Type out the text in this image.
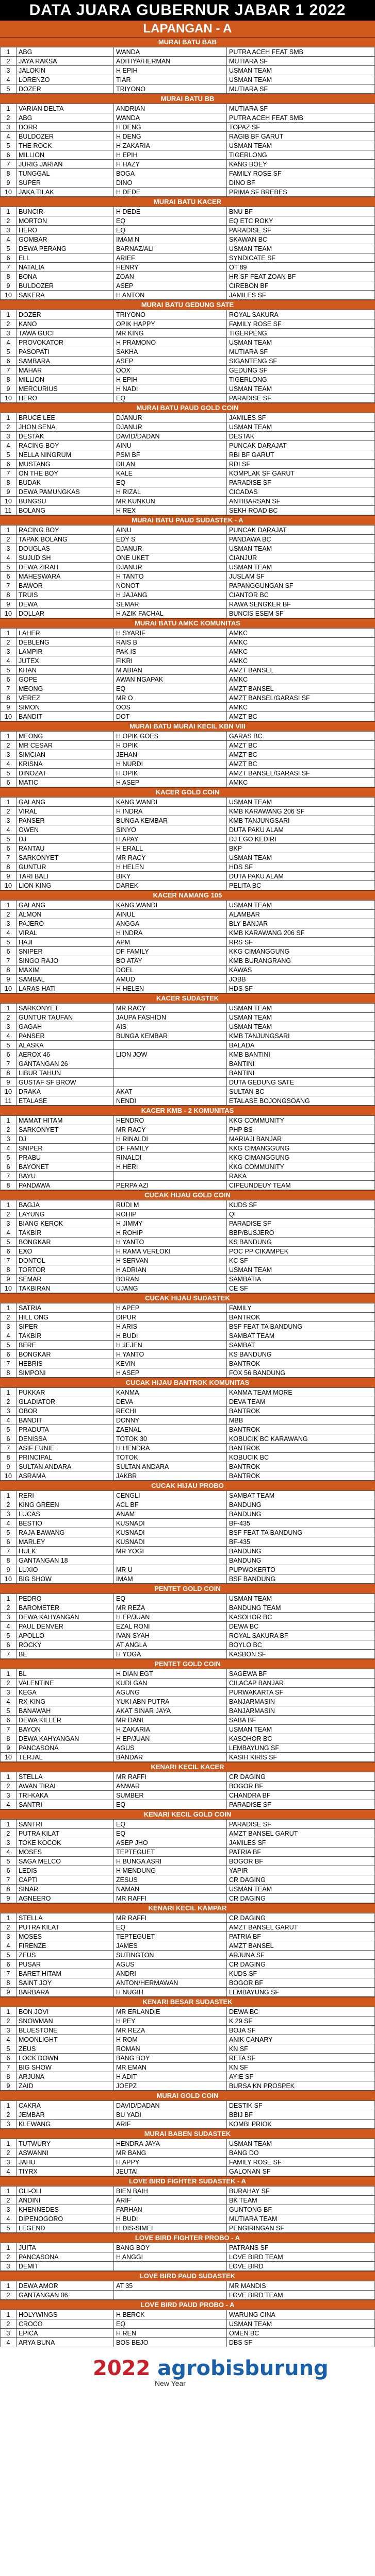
DATA JUARA GUBERNUR JABAR 1 2022
LAPANGAN - A
MURAI BATU BAB
1	ABG	WANDA	PUTRA ACEH FEAT SMB
2	JAYA RAKSA	ADITIYA/HERMAN	MUTIARA SF
3	JALOKIN	H EPIH	USMAN TEAM
4	LORENZO	TIAR	USMAN TEAM
5	DOZER	TRIYONO	MUTIARA SF
MURAI BATU BB
1	VARIAN DELTA	ANDRIAN	MUTIARA SF
2	ABG	WANDA	PUTRA ACEH FEAT SMB
3	DORR	H DENG	TOPAZ SF
4	BULDOZER	H DENG	RAGIB BF GARUT
5	THE ROCK	H ZAKARIA	USMAN TEAM
6	MILLION	H EPIH	TIGERLONG
7	JURIG JARIAN	H HAZY	KANG BOEY
8	TUNGGAL	BOGA	FAMILY ROSE SF
9	SUPER	DINO	DINO BF
10	JAKA TILAK	H DEDE	PRIMA SF BREBES
MURAI BATU KACER
1	BUNCIR	H DEDE	BNU BF
2	MORTON	EQ	EQ ETC ROKY
3	HERO	EQ	PARADISE SF
4	GOMBAR	IMAM N	SKAWAN BC
5	DEWA PERANG	BARNAZ/ALI	USMAN TEAM
6	ELL	ARIEF	SYNDICATE SF
7	NATALIA	HENRY	OT 89
8	BONA	ZOAN	HR SF FEAT ZOAN BF
9	BULDOZER	ASEP	CIREBON BF
10	SAKERA	H ANTON	JAMILES SF
MURAI BATU GEDUNG SATE
1	DOZER	TRIYONO	ROYAL SAKURA
2	KANO	OPIK HAPPY	FAMILY ROSE SF
3	TAWA GUCI	MR KING	TIGERPENG
4	PROVOKATOR	H PRAMONO	USMAN TEAM
5	PASOPATI	SAKHA	MUTIARA SF
6	SAMBARA	ASEP	SIGANTENG SF
7	MAHAR	OOX	GEDUNG SF
8	MILLION	H EPIH	TIGERLONG
9	MERCURIUS	H NADI	USMAN TEAM
10	HERO	EQ	PARADISE SF
MURAI BATU PAUD GOLD COIN
1	BRUCE LEE	DJANUR	JAMILES SF
2	JHON SENA	DJANUR	USMAN TEAM
3	DESTAK	DAVID/DADAN	DESTAK
4	RACING BOY	AINU	PUNCAK DARAJAT
5	NELLA NINGRUM	PSM BF	RBI BF GARUT
6	MUSTANG	DILAN	RDI SF
7	ON THE BOY	KALE	KOMPLAK SF GARUT
8	BUDAK	EQ	PARADISE SF
9	DEWA PAMUNGKAS	H RIZAL	CICADAS
10	BUNGSU	MR KUNKUN	ANTIBARSAN SF
11	BOLANG	H REX	SEKH ROAD BC
MURAI BATU PAUD SUDASTEK - A
1	RACING BOY	AINU	PUNCAK DARAJAT
2	TAPAK BOLANG	EDY S	PANDAWA BC
3	DOUGLAS	DJANUR	USMAN TEAM
4	SUJUD SH	ONE UKET	CIANJUR
5	DEWA ZIRAH	DJANUR	USMAN TEAM
6	MAHESWARA	H TANTO	JUSLAM SF
7	BAWOR	NONOT	PAPANGGUNGAN SF
8	TRUIS	H JAJANG	CIANTOR BC
9	DEWA	SEMAR	RAWA SENGKER BF
10	DOLLAR	H AZIK FACHAL	BUNCIS ESEM SF
MURAI BATU AMKC KOMUNITAS
1	LAHER	H SYARIF	AMKC
2	DEBLENG	RAIS B	AMKC
3	LAMPIR	PAK IS	AMKC
4	JUTEX	FIKRI	AMKC
5	KHAN	M ABIAN	AMZT BANSEL
6	GOPE	AWAN NGAPAK	AMKC
7	MEONG	EQ	AMZT BANSEL
8	VEREZ	MR O	AMZT BANSEL/GARASI SF
9	SIMON	OOS	AMKC
10	BANDIT	DOT	AMZT BC
MURAI BATU MURAI KECIL KBN VIII
1	MEONG	H OPIK GOES	GARAS BC
2	MR CESAR	H OPIK	AMZT BC
3	SIMCIAN	JEHAN	AMZT BC
4	KRISNA	H NURDI	AMZT BC
5	DINOZAT	H OPIK	AMZT BANSEL/GARASI SF
6	MATIC	H ASEP	AMKC
KACER GOLD COIN
1	GALANG	KANG WANDI	USMAN TEAM
2	VIRAL	H INDRA	KMB KARAWANG 206 SF
3	PANSER	BUNGA KEMBAR	KMB TANJUNGSARI
4	OWEN	SINYO	DUTA PAKU ALAM
5	DJ	H APAY	DJ EGO KEDIRI
6	RANTAU	H ERALL	BKP
7	SARKONYET	MR RACY	USMAN TEAM
8	GUNTUR	H HELEN	HDS SF
9	TARI BALI	BIKY	DUTA PAKU ALAM
10	LION KING	DAREK	PELITA BC
KACER NAMANG 105
1	GALANG	KANG WANDI	USMAN TEAM
2	ALMON	AINUL	ALAMBAR
3	PAJERO	ANGGA	BLY BANJAR
4	VIRAL	H INDRA	KMB KARAWANG 206 SF
5	HAJI	APM	RRS SF
6	SNIPER	DF FAMILY	KKG CIMANGGUNG
7	SINGO RAJO	BO ATAY	KMB BURANGRANG
8	MAXIM	DOEL	KAWAS
9	SAMBAL	AMUD	JOBB
10	LARAS HATI	H HELEN	HDS SF
KACER SUDASTEK
1	SARKONYET	MR RACY	USMAN TEAM
2	GUNTUR TAUFAN	JAUPA FASHION	USMAN TEAM
3	GAGAH	AIS	USMAN TEAM
4	PANSER	BUNGA KEMBAR	KMB TANJUNGSARI
5	ALASKA		BALADA
6	AEROX 46	LION JOW	KMB BANTINI
7	GANTANGAN 26		BANTINI
8	LIBUR TAHUN		BANTINI
9	GUSTAF SF BROW		DUTA GEDUNG SATE
10	DRAKA	AKAT	SULTAN BC
11	ETALASE	NENDI	ETALASE BOJONGSOANG
KACER KMB - 2 KOMUNITAS
1	MAMAT HITAM	HENDRO	KKG COMMUNITY
2	SARKONYET	MR RACY	PHP BS
3	DJ	H RINALDI	MARIAJI BANJAR
4	SNIPER	DF FAMILY	KKG CIMANGGUNG
5	PRABU	RINALDI	KKG CIMANGGUNG
6	BAYONET	H HERI	KKG COMMUNITY
7	BAYU		RAKA
8	PANDAWA	PERPA AZI	CIPEUNDEUY TEAM
CUCAK HIJAU GOLD COIN
1	BAGJA	RUDI M	KUDS SF
2	LAYUNG	ROHIP	QI
3	BIANG KEROK	H JIMMY	PARADISE SF
4	TAKBIR	H ROHIP	BBP/BUSJERO
5	BONGKAR	H YANTO	KS BANDUNG
6	EXO	H RAMA VERLOKI	POC PP CIKAMPEK
7	DONTOL	H SERVAN	KC SF
8	TORTOR	H ADRIAN	USMAN TEAM
9	SEMAR	BORAN	SAMBATIA
10	TAKBIRAN	UJANG	CE SF
CUCAK HIJAU SUDASTEK
1	SATRIA	H APEP	FAMILY
2	HILL ONG	DIPUR	BANTROK
3	SIPER	H ARIS	BSF FEAT TA BANDUNG
4	TAKBIR	H BUDI	SAMBAT TEAM
5	BERE	H JEJEN	SAMBAT
6	BONGKAR	H YANTO	KS BANDUNG
7	HEBRIS	KEVIN	BANTROK
8	SIMPONI	H ASEP	FOX 56 BANDUNG
CUCAK HIJAU BANTROK KOMUNITAS
1	PUKKAR	KANMA	KANMA TEAM MORE
2	GLADIATOR	DEVA	DEVA TEAM
3	OBOR	RECHI	BANTROK
4	BANDIT	DONNY	MBB
5	PRADUTA	ZAENAL	BANTROK
6	DENISSA	TOTOK 30	KOBUCIK BC KARAWANG
7	ASIF EUNIE	H HENDRA	BANTROK
8	PRINCIPAL	TOTOK	KOBUCIK BC
9	SULTAN ANDARA	SULTAN ANDARA	BANTROK
10	ASRAMA	JAKBR	BANTROK
CUCAK HIJAU PROBO
1	RERI	CENGLI	SAMBAT TEAM
2	KING GREEN	ACL BF	BANDUNG
3	LUCAS	ANAM	BANDUNG
4	BESTIO	KUSNADI	BF-435
5	RAJA BAWANG	KUSNADI	BSF FEAT TA BANDUNG
6	MARLEY	KUSNADI	BF-435
7	HULK	MR YOGI	BANDUNG
8	GANTANGAN 18		BANDUNG
9	LUXIO	MR U	PUPWOKERTO
10	BIG SHOW	IMAM	BSF BANDUNG
PENTET GOLD COIN
1	PEDRO	EQ	USMAN TEAM
2	BAROMETER	MR REZA	BANDUNG TEAM
3	DEWA KAHYANGAN	H EP/JUAN	KASOHOR BC
4	PAUL DENVER	EZAL RONI	DEWA BC
5	APOLLO	IVAN SYAH	ROYAL SAKURA BF
6	ROCKY	AT ANGLA	BOYLO BC
7	BE	H YOGA	KASBON SF
PENTET GOLD COIN
1	BL	H DIAN EGT	SAGEWA BF
2	VALENTINE	KUDI GAN	CILACAP BANJAR
3	KEGA	AGUNG	PURWAKARTA SF
4	RX-KING	YUKI ABN PUTRA	BANJARMASIN
5	BANAWAH	AKAT SINAR JAYA	BANJARMASIN
6	DEWA KILLER	MR DANI	SABA BF
7	BAYON	H ZAKARIA	USMAN TEAM
8	DEWA KAHYANGAN	H EP/JUAN	KASOHOR BC
9	PANCASONA	AGUS	LEMBAYUNG SF
10	TERJAL	BANDAR	KASIH KIRIS SF
KENARI KECIL KACER
1	STELLA	MR RAFFI	CR DAGING
2	AWAN TIRAI	ANWAR	BOGOR BF
3	TRI-KAKA	SUMBER	CHANDRA BF
4	SANTRI	EQ	PARADISE SF
KENARI KECIL GOLD COIN
1	SANTRI	EQ	PARADISE SF
2	PUTRA KILAT	EQ	AMZT BANSEL GARUT
3	TOKE KOCOK	ASEP JHO	JAMILES SF
4	MOSES	TEPTEGUET	PATRIA BF
5	SAGA MELCO	H BUNGA ASRI	BOGOR BF
6	LEDIS	H MENDUNG	YAPIR
7	CAPTI	ZESUS	CR DAGING
8	SINAR	NAMAN	USMAN TEAM
9	AGNEERO	MR RAFFI	CR DAGING
KENARI KECIL KAMPAR
1	STELLA	MR RAFFI	CR DAGING
2	PUTRA KILAT	EQ	AMZT BANSEL GARUT
3	MOSES	TEPTEGUET	PATRIA BF
4	FIRENZE	JAMES	AMZT BANSEL
5	ZEUS	SUTINGTON	ARJUNA SF
6	PUSAR	AGUS	CR DAGING
7	BARET HITAM	ANDRI	KUDS SF
8	SAINT JOY	ANTON/HERMAWAN	BOGOR BF
9	BARBARA	H NUGIH	LEMBAYUNG SF
KENARI BESAR SUDASTEK
1	BON JOVI	MR ERLANDIE	DEWA BC
2	SNOWMAN	H PEY	K 29 SF
3	BLUESTONE	MR REZA	BOJA SF
4	MOONLIGHT	H ROM	ANIK CANARY
5	ZEUS	ROMAN	KN SF
6	LOCK DOWN	BANG BOY	RETA SF
7	BIG SHOW	MR EMAN	KN SF
8	ARJUNA	H ADIT	AYIE SF
9	ZAID	JOEPZ	BURSA KN PROSPEK
MURAI GOLD COIN
1	CAKRA	DAVID/DADAN	DESTIK SF
2	JEMBAR	BU YADI	BBIJ BF
3	KLEWANG	ARIF	KOMBI PRIOK
MURAI BABEN SUDASTEK
1	TUTWURY	HENDRA JAYA	USMAN TEAM
2	ASWANNI	MR BANG	BANG DO
3	JAHU	H APPY	FAMILY ROSE SF
4	TIYRX	JEUTAI	GALONAN SF
LOVE BIRD FIGHTER SUDASTEK - A
1	OLI-OLI	BIEN BAIH	BURAHAY SF
2	ANDINI	ARIF	BK TEAM
3	KHENNEDES	FARHAN	GUNTONG BF
4	DIPENOGORO	H BUDI	MUTIARA TEAM
5	LEGEND	H DIS-SIMEI	PENGIRINGAN SF
LOVE BIRD FIGHTER PROBO - A
1	JUITA	BANG BOY	PATRANS SF
2	PANCASONA	H ANGGI	LOVE BIRD TEAM
3	DEMIT		LOVE BIRD
LOVE BIRD PAUD SUDASTEK
1	DEWA AMOR	AT 35	MR MANDIS
2	GANTANGAN 06		LOVE BIRD TEAM
LOVE BIRD PAUD PROBO - A
1	HOLYWINGS	H BERCK	WARUNG CINA
2	CROCO	EQ	USMAN TEAM
3	EPICA	H REN	OMEN BC
4	ARYA BUNA	BOS BEJO	DBS SF
2022 agrobisburung
New Year
